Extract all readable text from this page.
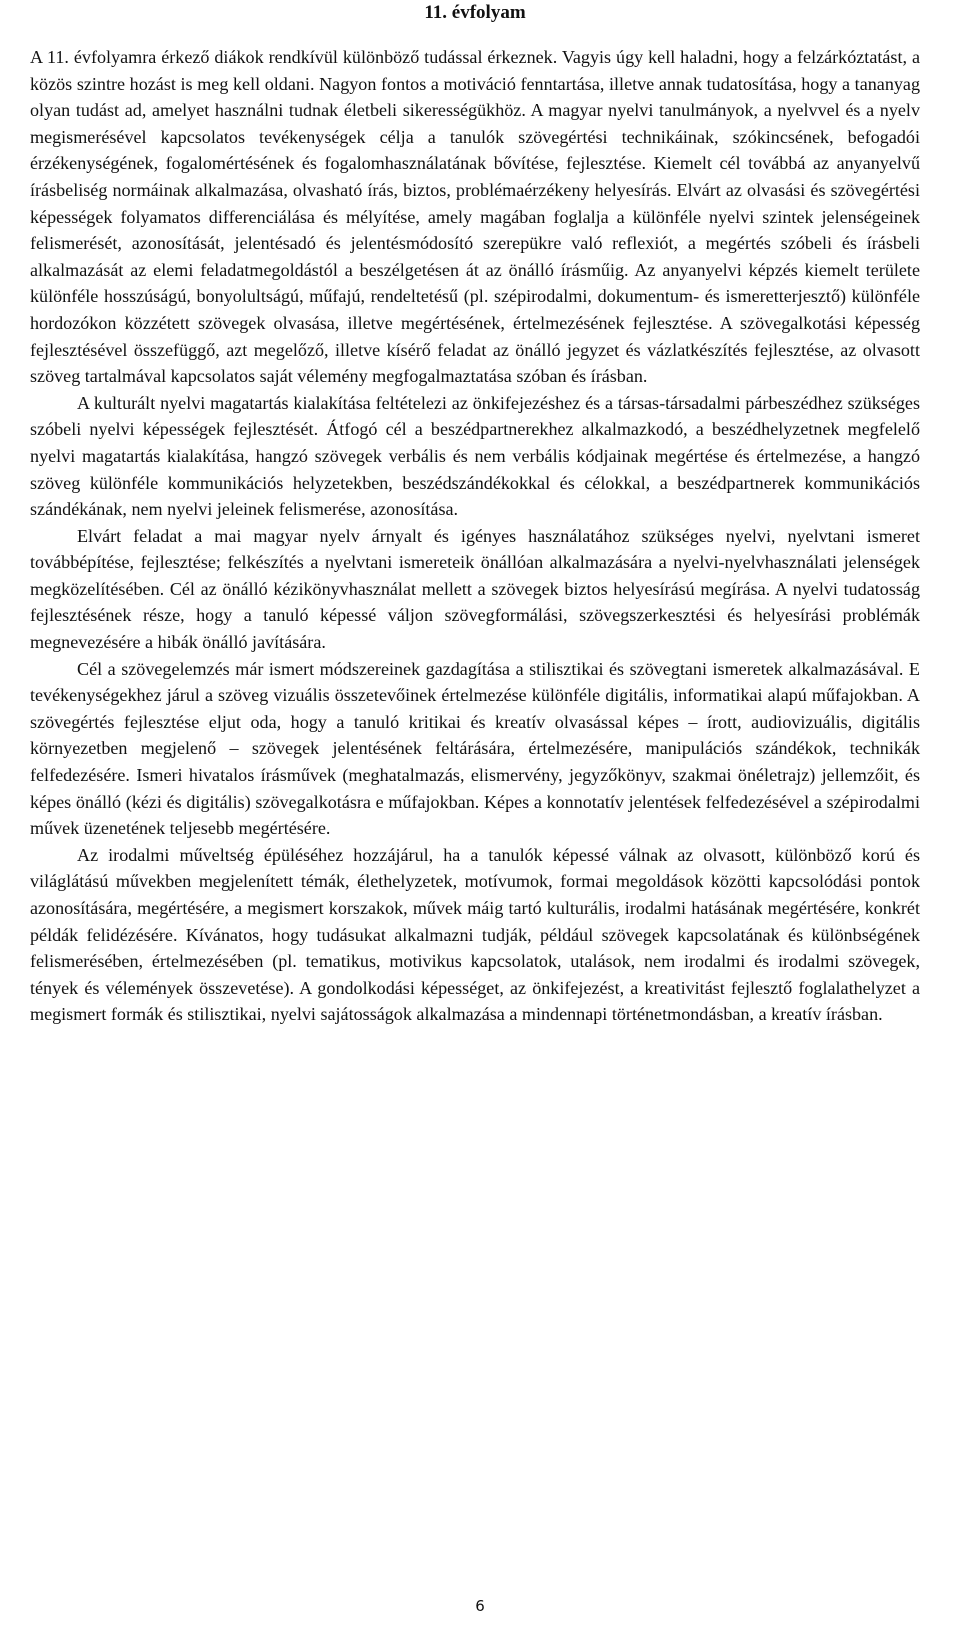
11. évfolyam

A 11. évfolyamra érkező diákok rendkívül különböző tudással érkeznek. Vagyis úgy kell haladni, hogy a felzárkóztatást, a közös szintre hozást is meg kell oldani. Nagyon fontos a motiváció fenntartása, illetve annak tudatosítása, hogy a tananyag olyan tudást ad, amelyet használni tudnak életbeli sikerességükhöz. A magyar nyelvi tanulmányok, a nyelvvel és a nyelv megismerésével kapcsolatos tevékenységek célja a tanulók szövegértési technikáinak, szókincsének, befogadói érzékenységének, fogalomértésének és fogalomhasználatának bővítése, fejlesztése. Kiemelt cél továbbá az anyanyelvű írásbeliség normáinak alkalmazása, olvasható írás, biztos, problémaérzékeny helyesírás. Elvárt az olvasási és szövegértési képességek folyamatos differenciálása és mélyítése, amely magában foglalja a különféle nyelvi szintek jelenségeinek felismerését, azonosítását, jelentésadó és jelentésmódosító szerepükre való reflexiót, a megértés szóbeli és írásbeli alkalmazását az elemi feladatmegoldástól a beszélgetésen át az önálló írásműig. Az anyanyelvi képzés kiemelt területe különféle hosszúságú, bonyolultságú, műfajú, rendeltetésű (pl. szépirodalmi, dokumentum- és ismeretterjesztő) különféle hordozókon közzétett szövegek olvasása, illetve megértésének, értelmezésének fejlesztése. A szövegalkotási képesség fejlesztésével összefüggő, azt megelőző, illetve kísérő feladat az önálló jegyzet és vázlatkészítés fejlesztése, az olvasott szöveg tartalmával kapcsolatos saját vélemény megfogalmaztatása szóban és írásban.

A kulturált nyelvi magatartás kialakítása feltételezi az önkifejezéshez és a társas-társadalmi párbeszédhez szükséges szóbeli nyelvi képességek fejlesztését. Átfogó cél a beszédpartnerekhez alkalmazkodó, a beszédhelyzetnek megfelelő nyelvi magatartás kialakítása, hangzó szövegek verbális és nem verbális kódjainak megértése és értelmezése, a hangzó szöveg különféle kommunikációs helyzetekben, beszédszándékokkal és célokkal, a beszédpartnerek kommunikációs szándékának, nem nyelvi jeleinek felismerése, azonosítása.

Elvárt feladat a mai magyar nyelv árnyalt és igényes használatához szükséges nyelvi, nyelvtani ismeret továbbépítése, fejlesztése; felkészítés a nyelvtani ismereteik önállóan alkalmazására a nyelvi-nyelvhasználati jelenségek megközelítésében. Cél az önálló kézikönyvhasználat mellett a szövegek biztos helyesírású megírása. A nyelvi tudatosság fejlesztésének része, hogy a tanuló képessé váljon szövegformálási, szövegszerkesztési és helyesírási problémák megnevezésére a hibák önálló javítására.

Cél a szövegelemzés már ismert módszereinek gazdagítása a stilisztikai és szövegtani ismeretek alkalmazásával. E tevékenységekhez járul a szöveg vizuális összetevőinek értelmezése különféle digitális, informatikai alapú műfajokban. A szövegértés fejlesztése eljut oda, hogy a tanuló kritikai és kreatív olvasással képes – írott, audiovizuális, digitális környezetben megjelenő – szövegek jelentésének feltárására, értelmezésére, manipulációs szándékok, technikák felfedezésére. Ismeri hivatalos írásművek (meghatalmazás, elismervény, jegyzőkönyv, szakmai önéletrajz) jellemzőit, és képes önálló (kézi és digitális) szövegalkotásra e műfajokban. Képes a konnotatív jelentések felfedezésével a szépirodalmi művek üzenetének teljesebb megértésére.

Az irodalmi műveltség épüléséhez hozzájárul, ha a tanulók képessé válnak az olvasott, különböző korú és világlátású művekben megjelenített témák, élethelyzetek, motívumok, formai megoldások közötti kapcsolódási pontok azonosítására, megértésére, a megismert korszakok, művek máig tartó kulturális, irodalmi hatásának megértésére, konkrét példák felidézésére. Kívánatos, hogy tudásukat alkalmazni tudják, például szövegek kapcsolatának és különbségének felismerésében, értelmezésében (pl. tematikus, motivikus kapcsolatok, utalások, nem irodalmi és irodalmi szövegek, tények és vélemények összevetése). A gondolkodási képességet, az önkifejezést, a kreativitást fejlesztő foglalathelyzet a megismert formák és stilisztikai, nyelvi sajátosságok alkalmazása a mindennapi történetmondásban, a kreatív írásban.

6
